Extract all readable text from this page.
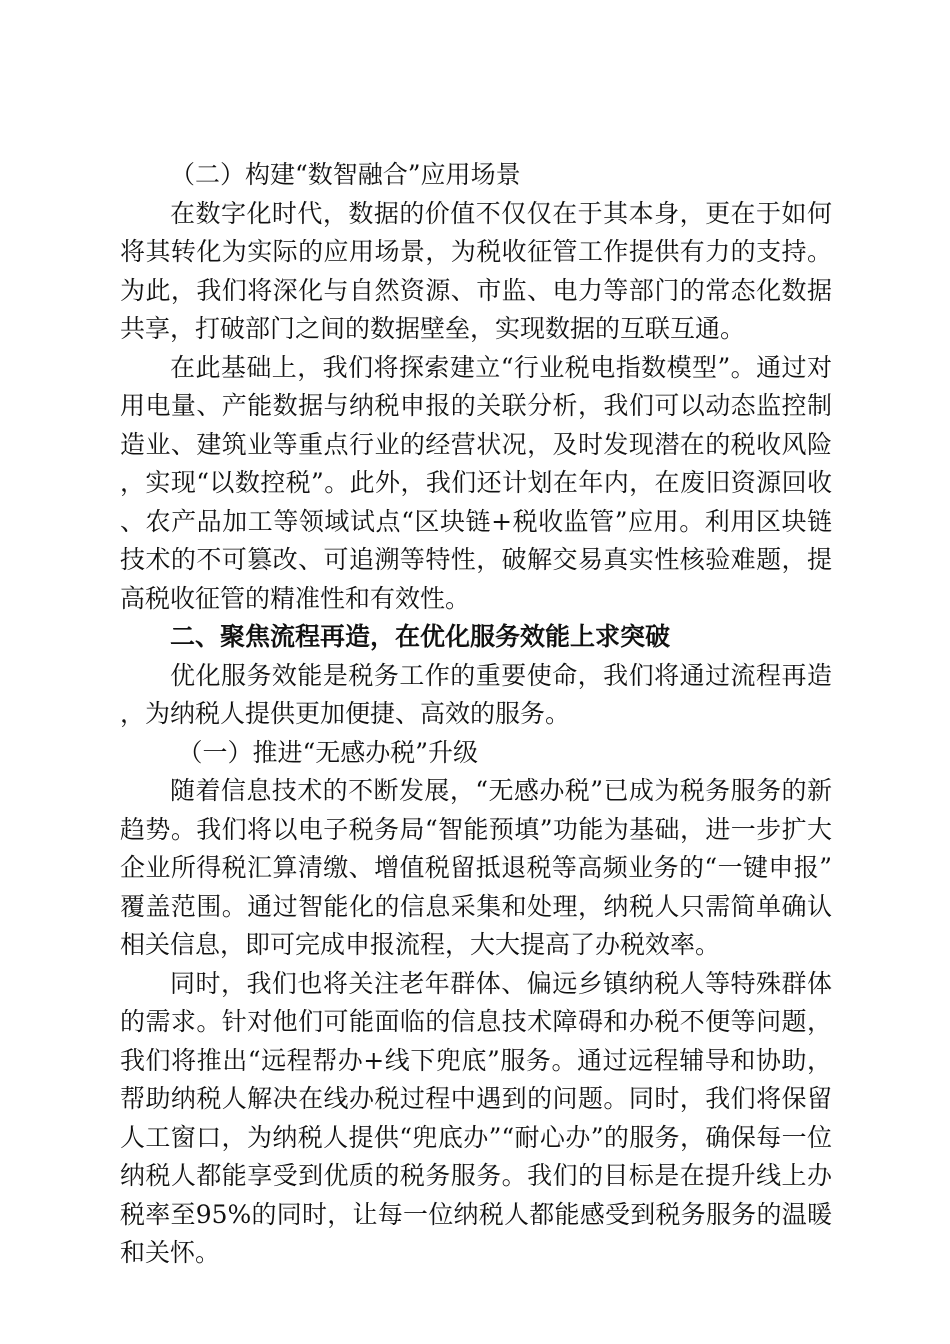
（二）构建“数智融合”应用场景

在数字化时代，数据的价值不仅仅在于其本身，更在于如何将其转化为实际的应用场景，为税收征管工作提供有力的支持。为此，我们将深化与自然资源、市监、电力等部门的常态化数据共享，打破部门之间的数据壁垒，实现数据的互联互通。

在此基础上，我们将探索建立“行业税电指数模型”。通过对用电量、产能数据与纳税申报的关联分析，我们可以动态监控制造业、建筑业等重点行业的经营状况，及时发现潜在的税收风险，实现“以数控税”。此外，我们还计划在年内，在废旧资源回收、农产品加工等领域试点“区块链+税收监管”应用。利用区块链技术的不可篡改、可追溯等特性，破解交易真实性核验难题，提高税收征管的精准性和有效性。

二、聚焦流程再造，在优化服务效能上求突破

优化服务效能是税务工作的重要使命，我们将通过流程再造，为纳税人提供更加便捷、高效的服务。

（一）推进“无感办税”升级

随着信息技术的不断发展，“无感办税”已成为税务服务的新趋势。我们将以电子税务局“智能预填”功能为基础，进一步扩大企业所得税汇算清缴、增值税留抵退税等高频业务的“一键申报”覆盖范围。通过智能化的信息采集和处理，纳税人只需简单确认相关信息，即可完成申报流程，大大提高了办税效率。

同时，我们也将关注老年群体、偏远乡镇纳税人等特殊群体的需求。针对他们可能面临的信息技术障碍和办税不便等问题，我们将推出“远程帮办+线下兜底”服务。通过远程辅导和协助，帮助纳税人解决在线办税过程中遇到的问题。同时，我们将保留人工窗口，为纳税人提供“兜底办”“耐心办”的服务，确保每一位纳税人都能享受到优质的税务服务。我们的目标是在提升线上办税率至95%的同时，让每一位纳税人都能感受到税务服务的温暖和关怀。
